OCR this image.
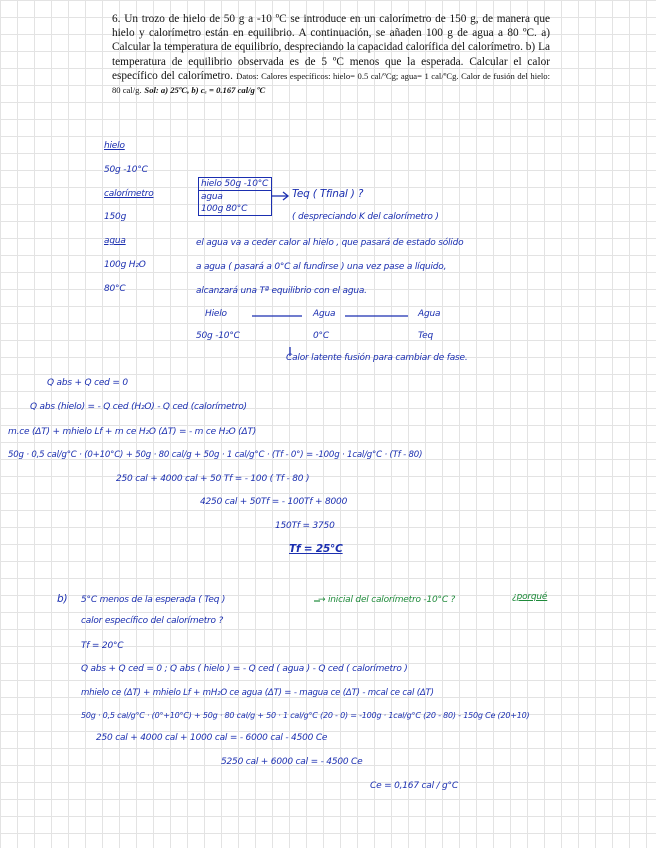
6. Un trozo de hielo de 50 g a -10 ºC se introduce en un calorímetro de 150 g, de manera que hielo y calorímetro están en equilibrio. A continuación, se añaden 100 g de agua a 80 ºC. a) Calcular la temperatura de equilibrio, despreciando la capacidad calorífica del calorímetro. b) La temperatura de equilibrio observada es de 5 ºC menos que la esperada. Calcular el calor específico del calorímetro. Datos: Calores específicos: hielo= 0.5 cal/ºCg; agua= 1 cal/ºCg. Calor de fusión del hielo: 80 cal/g. Sol: a) 25ºC, b) cₑ = 0.167 cal/g ºC
hielo
50g -10°C
calorímetro
150g
agua
100g H₂O
80°C
hielo 50g -10°C
agua
100g 80°C
Teq ( Tfinal ) ?
( despreciando K del calorímetro )
el agua va a ceder calor al hielo , que pasará de estado sólido
a agua ( pasará a 0°C al fundirse ) una vez pase a líquido,
alcanzará una Tª equilibrio con el agua.
Hielo	Agua	Agua
50g -10°C	0°C	Teq
Calor latente fusión para cambiar de fase.
Q abs + Q ced = 0
Q abs (hielo) = - Q ced (H₂O) - Q ced (calorímetro)
m.ce (ΔT) + mhielo Lf + m ce H₂O (ΔT) = - m ce H₂O (ΔT)
50g · 0,5 cal/g°C · (0+10°C) + 50g · 80 cal/g + 50g · 1 cal/g°C · (Tf - 0°) = -100g · 1cal/g°C · (Tf - 80)
250 cal + 4000 cal + 50 Tf = - 100 ( Tf - 80 )
4250 cal + 50Tf = - 100Tf + 8000
150Tf = 3750
Tf = 25°C
b) 5°C menos de la esperada ( Teq )	→ inicial del calorímetro -10°C ?	¿porqué
calor específico del calorímetro ?
Tf = 20°C
Q abs + Q ced = 0 ; Q abs ( hielo ) = - Q ced ( agua ) - Q ced ( calorímetro )
mhielo ce (ΔT) + mhielo Lf + mH₂O ce agua (ΔT) = - magua ce (ΔT) - mcal ce cal (ΔT)
50g · 0,5 cal/g°C · (0°+10°C) + 50g · 80 cal/g + 50 · 1 cal/g°C (20 - 0) = -100g · 1cal/g°C (20 - 80) - 150g Ce (20+10)
250 cal + 4000 cal + 1000 cal = - 6000 cal - 4500 Ce
5250 cal + 6000 cal = - 4500 Ce
Ce = 0,167 cal / g°C
